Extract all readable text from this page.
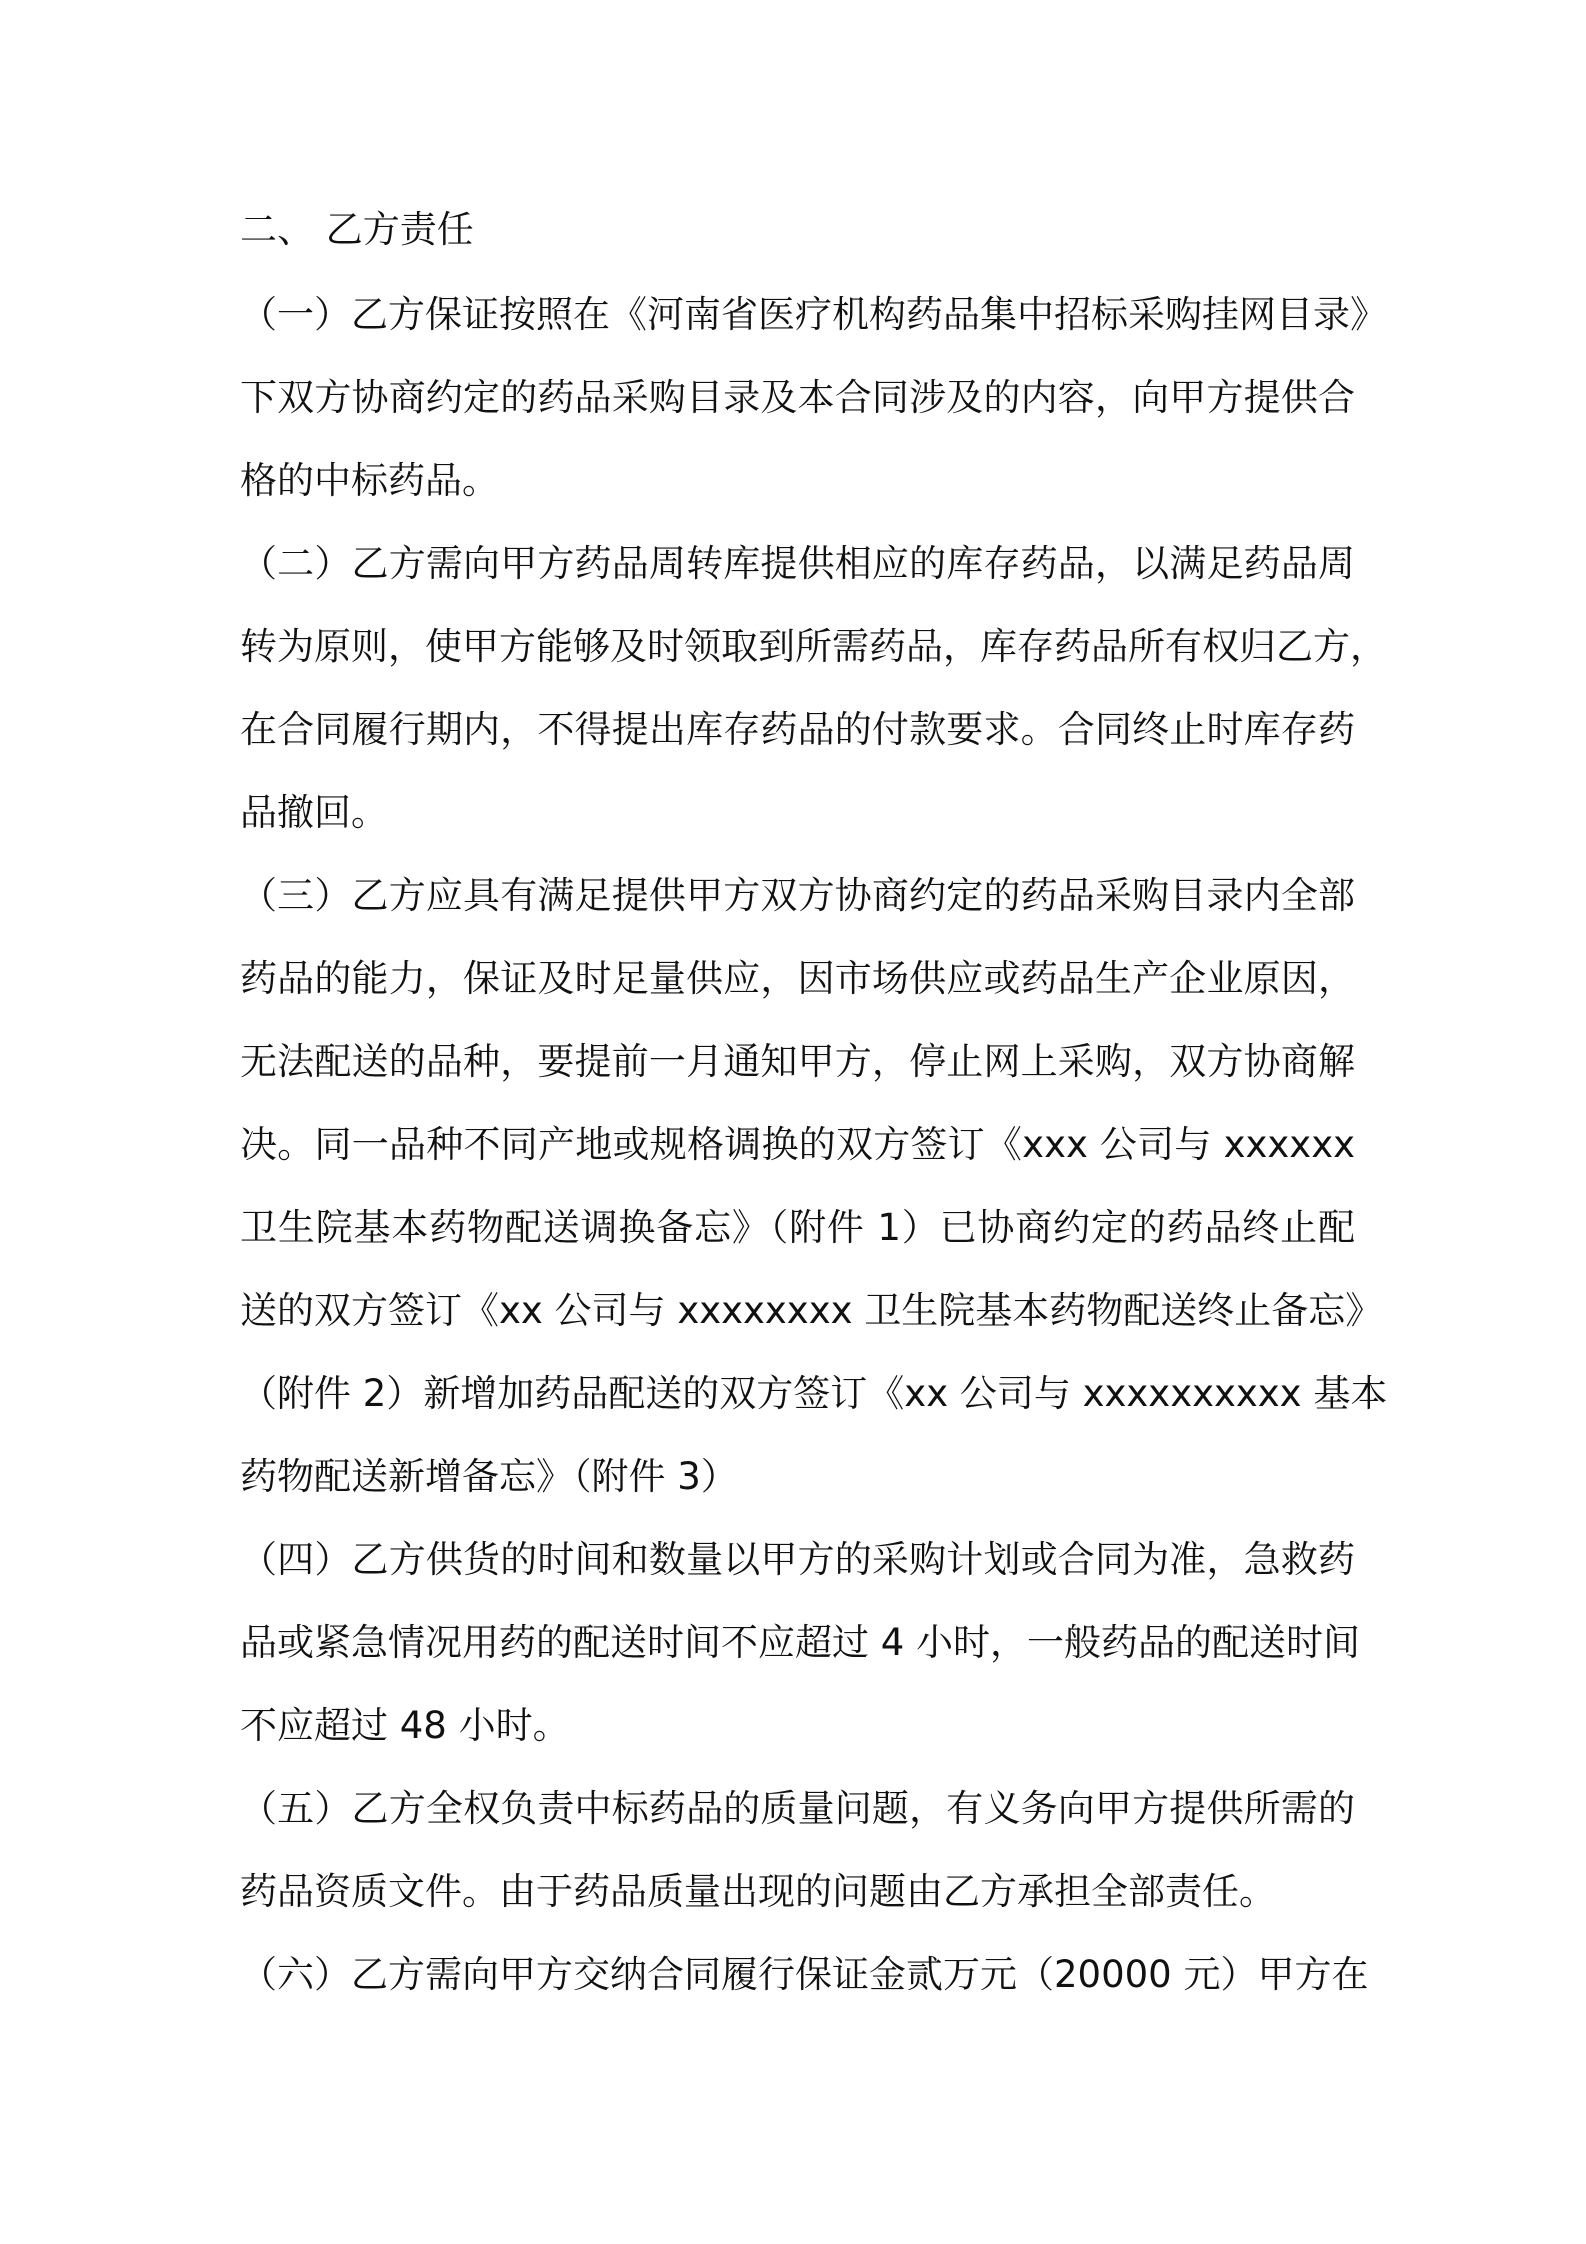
二、 乙方责任
（一）乙方保证按照在《河南省医疗机构药品集中招标采购挂网目录》
下双方协商约定的药品采购目录及本合同涉及的内容，向甲方提供合
格的中标药品。
（二）乙方需向甲方药品周转库提供相应的库存药品，以满足药品周
转为原则，使甲方能够及时领取到所需药品，库存药品所有权归乙方，
在合同履行期内，不得提出库存药品的付款要求。合同终止时库存药
品撤回。
（三）乙方应具有满足提供甲方双方协商约定的药品采购目录内全部
药品的能力，保证及时足量供应，因市场供应或药品生产企业原因，
无法配送的品种，要提前一月通知甲方，停止网上采购，双方协商解
决。同一品种不同产地或规格调换的双方签订《xxx 公司与 xxxxxx
卫生院基本药物配送调换备忘》（附件 1）已协商约定的药品终止配
送的双方签订《xx 公司与 xxxxxxxx 卫生院基本药物配送终止备忘》
（附件 2）新增加药品配送的双方签订《xx 公司与 xxxxxxxxxx 基本
药物配送新增备忘》（附件 3）
（四）乙方供货的时间和数量以甲方的采购计划或合同为准，急救药
品或紧急情况用药的配送时间不应超过 4 小时，一般药品的配送时间
不应超过 48 小时。
（五）乙方全权负责中标药品的质量问题，有义务向甲方提供所需的
药品资质文件。由于药品质量出现的问题由乙方承担全部责任。
（六）乙方需向甲方交纳合同履行保证金贰万元（20000 元）甲方在
